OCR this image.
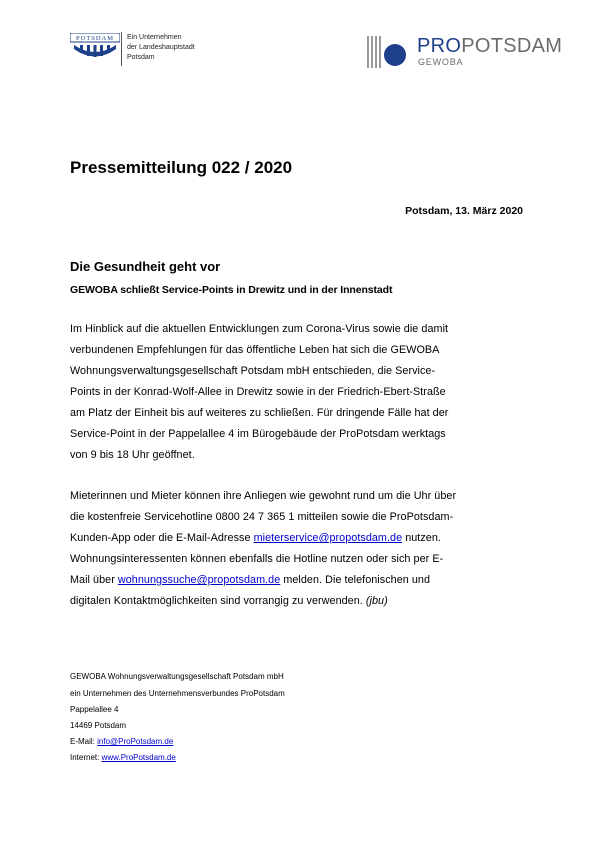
POTSDAM Ein Unternehmen
der Landeshauptstadt
Potsdam
PROPOTSDAM
GEWOBA
Pressemitteilung 022 / 2020
Potsdam, 13. März 2020
Die Gesundheit geht vor
GEWOBA schließt Service-Points in Drewitz und in der Innenstadt
Im Hinblick auf die aktuellen Entwicklungen zum Corona-Virus sowie die damit
verbundenen Empfehlungen für das öffentliche Leben hat sich die GEWOBA
Wohnungsverwaltungsgesellschaft Potsdam mbH entschieden, die Service-
Points in der Konrad-Wolf-Allee in Drewitz sowie in der Friedrich-Ebert-Straße
am Platz der Einheit bis auf weiteres zu schließen. Für dringende Fälle hat der
Service-Point in der Pappelallee 4 im Bürogebäude der ProPotsdam werktags
von 9 bis 18 Uhr geöffnet.
Mieterinnen und Mieter können ihre Anliegen wie gewohnt rund um die Uhr über
die kostenfreie Servicehotline 0800 24 7 365 1 mitteilen sowie die ProPotsdam-
Kunden-App oder die E-Mail-Adresse mieterservice@propotsdam.de nutzen.
Wohnungsinteressenten können ebenfalls die Hotline nutzen oder sich per E-
Mail über wohnungssuche@propotsdam.de melden. Die telefonischen und
digitalen Kontaktmöglichkeiten sind vorrangig zu verwenden. (jbu)
GEWOBA Wohnungsverwaltungsgesellschaft Potsdam mbH
ein Unternehmen des Unternehmensverbundes ProPotsdam
Pappelallee 4
14469 Potsdam
E-Mail: info@ProPotsdam.de
Internet: www.ProPotsdam.de
